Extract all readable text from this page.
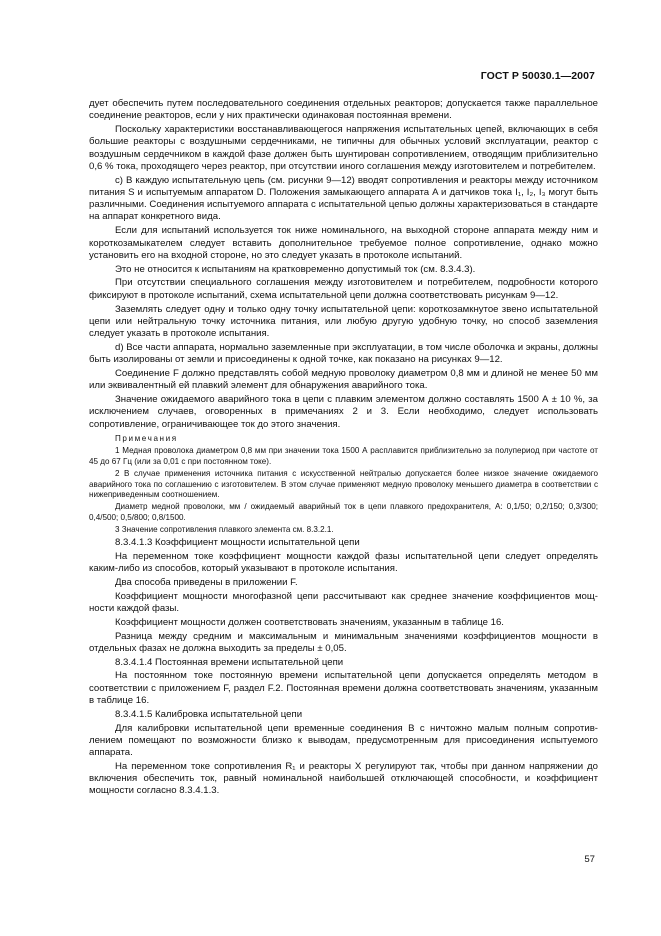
ГОСТ Р 50030.1—2007

дует обеспечить путем последовательного соединения отдельных реакторов; допускается также параллельное соединение реакторов, если у них практически одинаковая постоянная времени.

Поскольку характеристики восстанавливающегося напряжения испытательных цепей, включающих в себя большие реакторы с воздушными сердечниками, не типичны для обычных условий эксплуатации, реактор с воздушным сердечником в каждой фазе должен быть шунтирован сопротивлением, отводящим приблизительно 0,6 % тока, проходящего через реактор, при отсутствии иного соглашения между изготовителем и потребителем.

с) В каждую испытательную цепь (см. рисунки 9—12) вводят сопротивления и реакторы между источником питания S и испытуемым аппаратом D. Положения замыкающего аппарата A и датчиков тока I₁, I₂, I₃ могут быть различными. Соединения испытуемого аппарата с испытательной цепью должны характеризоваться в стандарте на аппарат конкретного вида.

Если для испытаний используется ток ниже номинального, на выходной стороне аппарата между ним и короткозамыкателем следует вставить дополнительное требуемое полное сопротивление, однако можно установить его на входной стороне, но это следует указать в протоколе испытаний.

Это не относится к испытаниям на кратковременно допустимый ток (см. 8.3.4.3).

При отсутствии специального соглашения между изготовителем и потребителем, подробности которого фиксируют в протоколе испытаний, схема испытательной цепи должна соответствовать рисункам 9—12.

Заземлять следует одну и только одну точку испытательной цепи: короткозамкнутое звено испытательной цепи или нейтральную точку источника питания, или любую другую удобную точку, но способ заземления следует указать в протоколе испытания.

d) Все части аппарата, нормально заземленные при эксплуатации, в том числе оболочка и экраны, должны быть изолированы от земли и присоединены к одной точке, как показано на рисунках 9—12.

Соединение F должно представлять собой медную проволоку диаметром 0,8 мм и длиной не менее 50 мм или эквивалентный ей плавкий элемент для обнаружения аварийного тока.

Значение ожидаемого аварийного тока в цепи с плавким элементом должно составлять 1500 А ± 10 %, за исключением случаев, оговоренных в примечаниях 2 и 3. Если необходимо, следует использовать сопротивление, ограничивающее ток до этого значения.

Примечания

1 Медная проволока диаметром 0,8 мм при значении тока 1500 А расплавится приблизительно за полупериод при частоте от 45 до 67 Гц (или за 0,01 с при постоянном токе).

2 В случае применения источника питания с искусственной нейтралью допускается более низкое значение ожидаемого аварийного тока по соглашению с изготовителем. В этом случае применяют медную проволоку меньшего диаметра в соответствии с нижеприведенным соотношением.

Диаметр медной проволоки, мм / ожидаемый аварийный ток в цепи плавкого предохранителя, А: 0,1/50; 0,2/150; 0,3/300; 0,4/500; 0,5/800; 0,8/1500.

3 Значение сопротивления плавкого элемента см. 8.3.2.1.

8.3.4.1.3 Коэффициент мощности испытательной цепи

На переменном токе коэффициент мощности каждой фазы испытательной цепи следует определять каким-либо из способов, который указывают в протоколе испытания.

Два способа приведены в приложении F.

Коэффициент мощности многофазной цепи рассчитывают как среднее значение коэффициентов мощности каждой фазы.

Коэффициент мощности должен соответствовать значениям, указанным в таблице 16.

Разница между средним и максимальным и минимальным значениями коэффициентов мощности в отдельных фазах не должна выходить за пределы ± 0,05.

8.3.4.1.4 Постоянная времени испытательной цепи

На постоянном токе постоянную времени испытательной цепи допускается определять методом в соответствии с приложением F, раздел F.2. Постоянная времени должна соответствовать значениям, указанным в таблице 16.

8.3.4.1.5 Калибровка испытательной цепи

Для калибровки испытательной цепи временные соединения B с ничтожно малым полным сопротивлением помещают по возможности близко к выводам, предусмотренным для присоединения испытуемого аппарата.

На переменном токе сопротивления R₁ и реакторы X регулируют так, чтобы при данном напряжении до включения обеспечить ток, равный номинальной наибольшей отключающей способности, и коэффициент мощности согласно 8.3.4.1.3.

57
